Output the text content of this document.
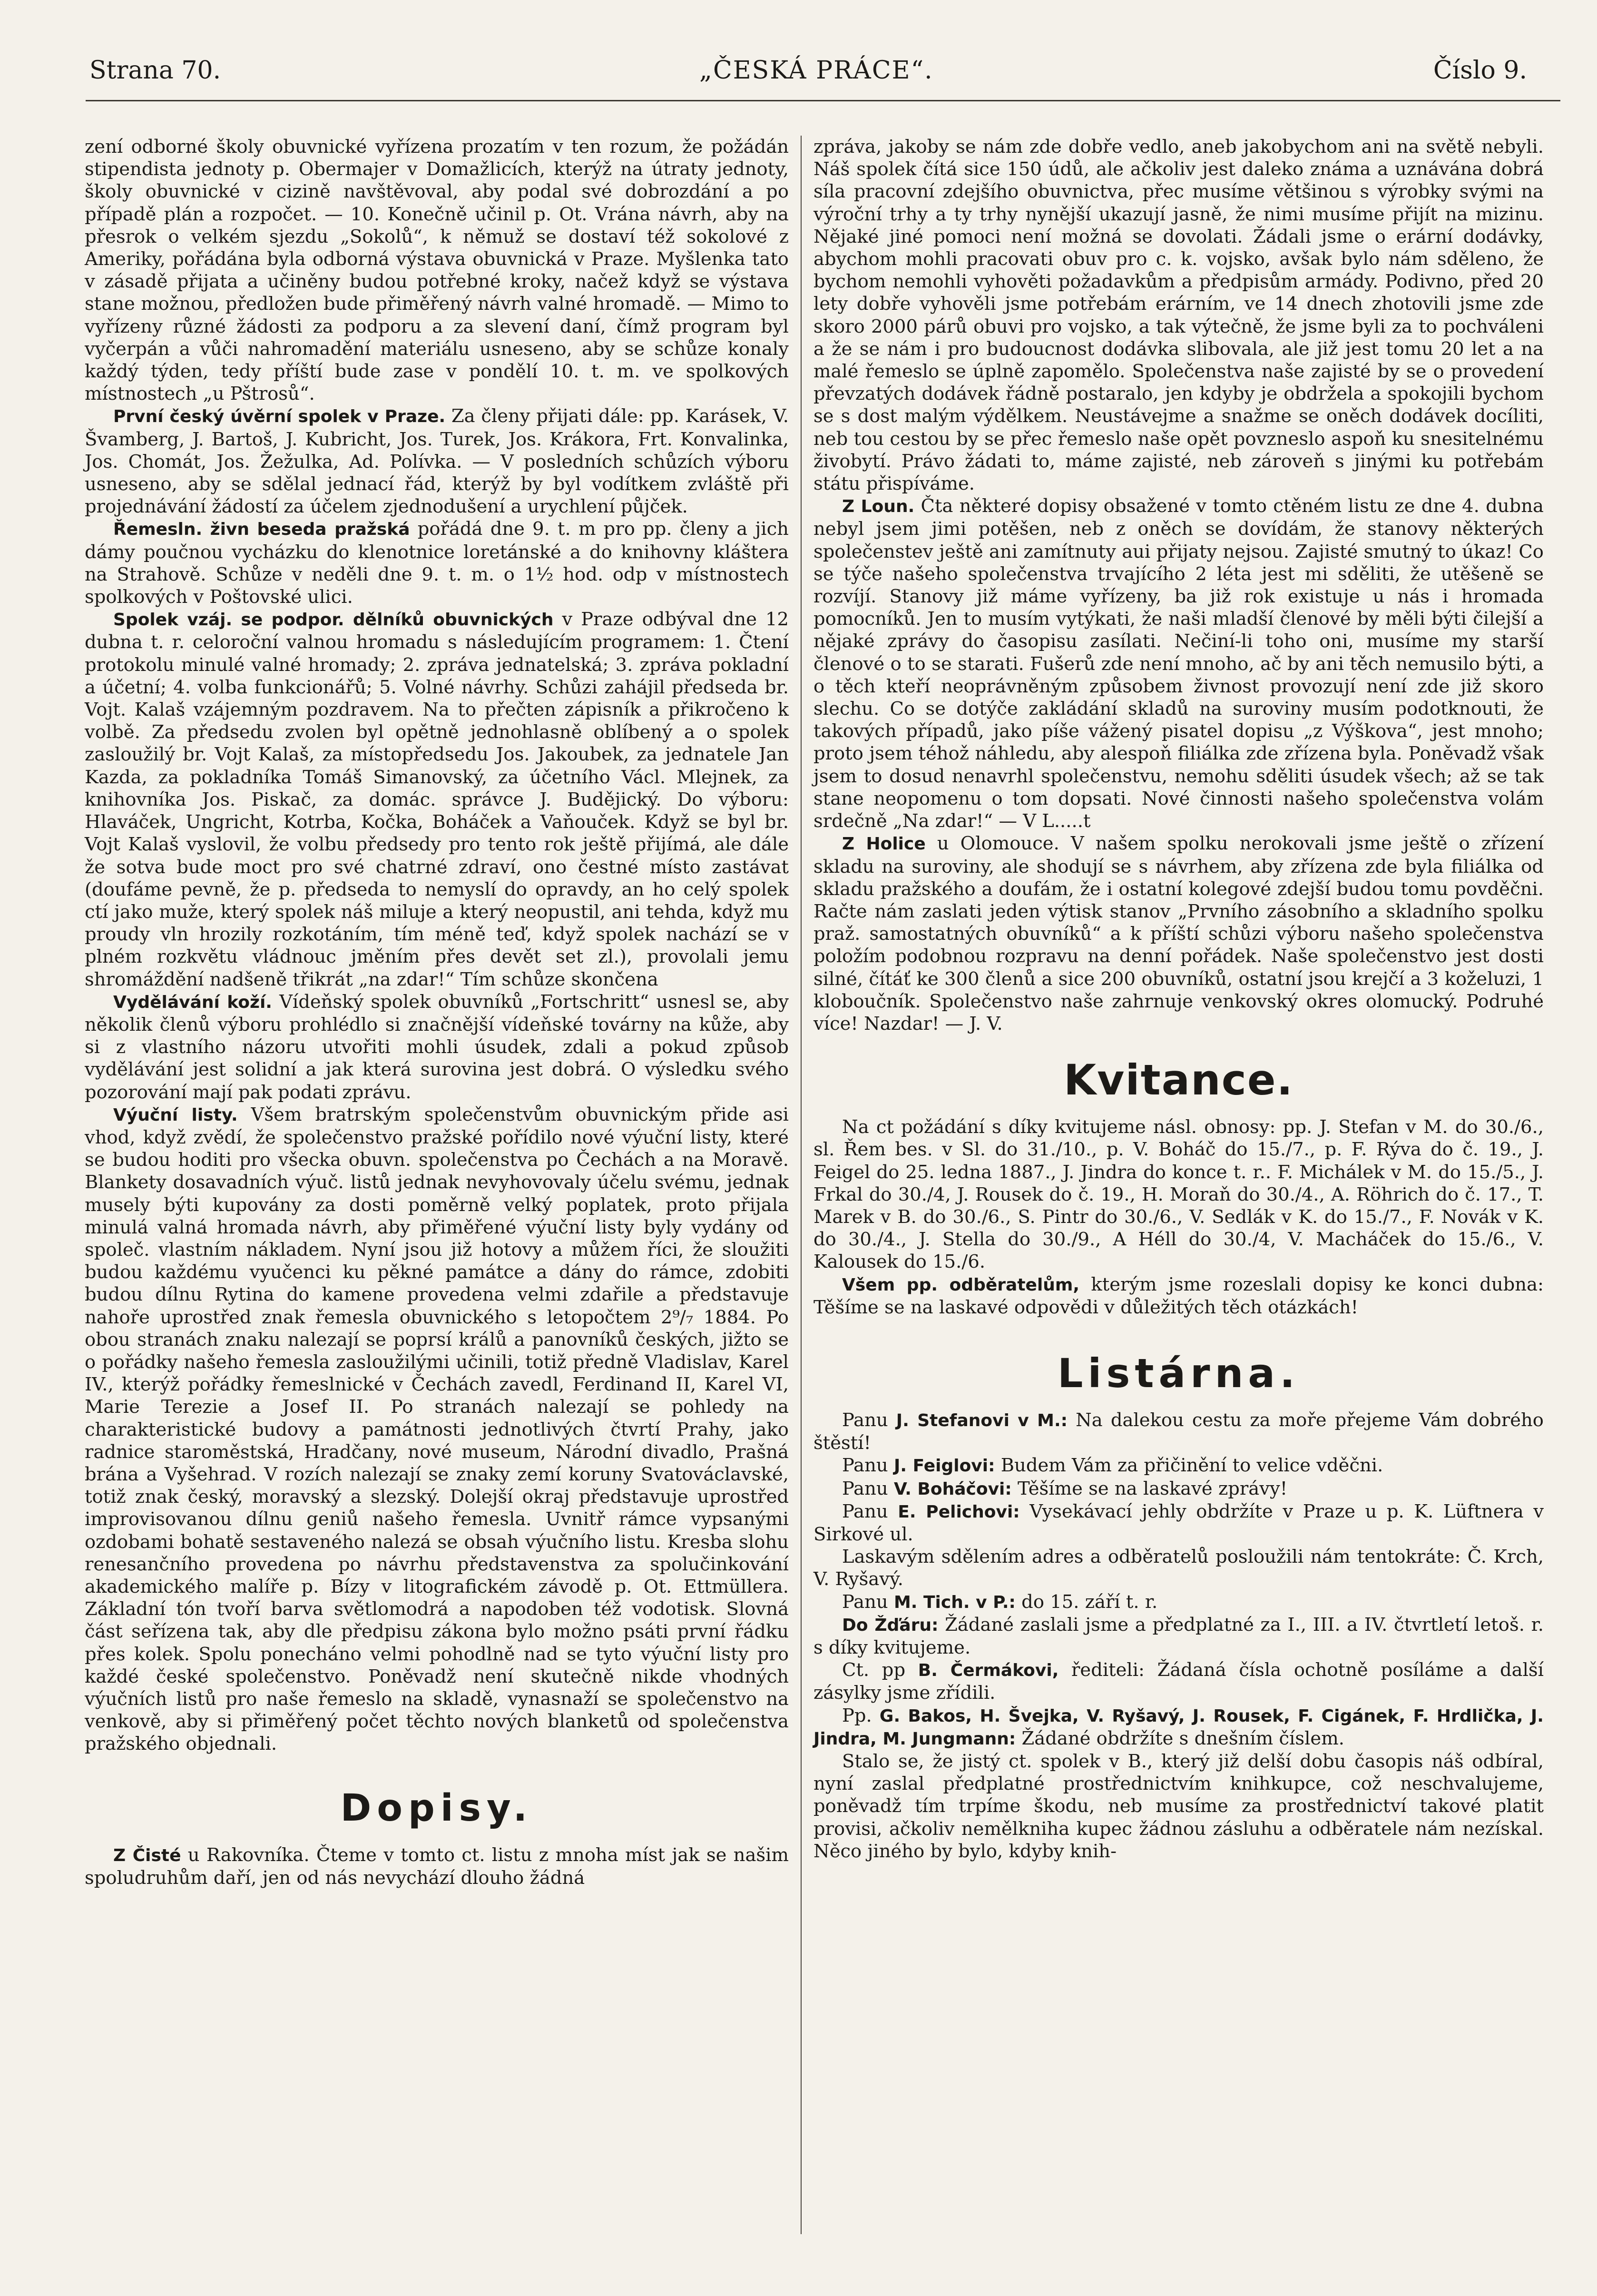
Strana 70.	„ČESKÁ PRÁCE“.	Číslo 9.

zení odborné školy obuvnické vyřízena prozatím v ten rozum, že požádán stipendista jednoty p. Obermajer v Domažlicích, kterýž na útraty jednoty, školy obuvnické v cizině navštěvoval, aby podal své dobrozdání a po případě plán a rozpočet. — 10. Konečně učinil p. Ot. Vrána návrh, aby na přesrok o velkém sjezdu „Sokolů“, k němuž se dostaví též sokolové z Ameriky, pořádána byla odborná výstava obuvnická v Praze. Myšlenka tato v zásadě přijata a učiněny budou potřebné kroky, načež když se výstava stane možnou, předložen bude přiměřený návrh valné hromadě. — Mimo to vyřízeny různé žádosti za podporu a za slevení daní, čímž program byl vyčerpán a vůči nahromadění materiálu usneseno, aby se schůze konaly každý týden, tedy příští bude zase v pondělí 10. t. m. ve spolkových místnostech „u Pštrosů“.

První český úvěrní spolek v Praze. Za členy přijati dále: pp. Karásek, V. Švamberg, J. Bartoš, J. Kubricht, Jos. Turek, Jos. Krákora, Frt. Konvalinka, Jos. Chomát, Jos. Žežulka, Ad. Polívka. — V posledních schůzích výboru usneseno, aby se sdělal jednací řád, kterýž by byl vodítkem zvláště při projednávání žádostí za účelem zjednodušení a urychlení půjček.

Řemesln. živn beseda pražská pořádá dne 9. t. m pro pp. členy a jich dámy poučnou vycházku do klenotnice loretánské a do knihovny kláštera na Strahově. Schůze v neděli dne 9. t. m. o 1½ hod. odp v místnostech spolkových v Poštovské ulici.

Spolek vzáj. se podpor. dělníků obuvnických v Praze odbýval dne 12 dubna t. r. celoroční valnou hromadu s následujícím programem: 1. Čtení protokolu minulé valné hromady; 2. zpráva jednatelská; 3. zpráva pokladní a účetní; 4. volba funkcionářů; 5. Volné návrhy. Schůzi zahájil předseda br. Vojt. Kalaš vzájemným pozdravem. Na to přečten zápisník a přikročeno k volbě. Za předsedu zvolen byl opětně jednohlasně oblíbený a o spolek zasloužilý br. Vojt Kalaš, za místopředsedu Jos. Jakoubek, za jednatele Jan Kazda, za pokladníka Tomáš Simanovský, za účetního Václ. Mlejnek, za knihovníka Jos. Piskač, za domác. správce J. Budějický. Do výboru: Hlaváček, Ungricht, Kotrba, Kočka, Boháček a Vaňouček. Když se byl br. Vojt Kalaš vyslovil, že volbu předsedy pro tento rok ještě přijímá, ale dále že sotva bude moct pro své chatrné zdraví, ono čestné místo zastávat (doufáme pevně, že p. předseda to nemyslí do opravdy, an ho celý spolek ctí jako muže, který spolek náš miluje a který neopustil, ani tehda, když mu proudy vln hrozily rozkotáním, tím méně teď, když spolek nachází se v plném rozkvětu vládnouc jměním přes devět set zl.), provolali jemu shromáždění nadšeně třikrát „na zdar!“ Tím schůze skončena

Vydělávání koží. Vídeňský spolek obuvníků „Fortschritt“ usnesl se, aby několik členů výboru prohlédlo si značnější vídeňské továrny na kůže, aby si z vlastního názoru utvořiti mohli úsudek, zdali a pokud způsob vydělávání jest solidní a jak která surovina jest dobrá. O výsledku svého pozorování mají pak podati zprávu.

Výuční listy. Všem bratrským společenstvům obuvnickým přide asi vhod, když zvědí, že společenstvo pražské pořídilo nové výuční listy, které se budou hoditi pro všecka obuvn. společenstva po Čechách a na Moravě. Blankety dosavadních výuč. listů jednak nevyhovovaly účelu svému, jednak musely býti kupovány za dosti poměrně velký poplatek, proto přijala minulá valná hromada návrh, aby přiměřené výuční listy byly vydány od společ. vlastním nákladem. Nyní jsou již hotovy a můžem říci, že sloužiti budou každému vyučenci ku pěkné památce a dány do rámce, zdobiti budou dílnu Rytina do kamene provedena velmi zdařile a představuje nahoře uprostřed znak řemesla obuvnického s letopočtem 2⁹/₇ 1884. Po obou stranách znaku nalezají se poprsí králů a panovníků českých, jižto se o pořádky našeho řemesla zasloužilými učinili, totiž předně Vladislav, Karel IV., kterýž pořádky řemeslnické v Čechách zavedl, Ferdinand II, Karel VI, Marie Terezie a Josef II. Po stranách nalezají se pohledy na charakteristické budovy a památnosti jednotlivých čtvrtí Prahy, jako radnice staroměstská, Hradčany, nové museum, Národní divadlo, Prašná brána a Vyšehrad. V rozích nalezají se znaky zemí koruny Svatováclavské, totiž znak český, moravský a slezský. Dolejší okraj představuje uprostřed improvisovanou dílnu geniů našeho řemesla. Uvnitř rámce vypsanými ozdobami bohatě sestaveného nalezá se obsah výučního listu. Kresba slohu renesančního provedena po návrhu představenstva za spolučinkování akademického malíře p. Bízy v litografickém závodě p. Ot. Ettmüllera. Základní tón tvoří barva světlomodrá a napodoben též vodotisk. Slovná část seřízena tak, aby dle předpisu zákona bylo možno psáti první řádku přes kolek. Spolu ponecháno velmi pohodlně nad se tyto výuční listy pro každé české společenstvo. Poněvadž není skutečně nikde vhodných výučních listů pro naše řemeslo na skladě, vynasnaží se společenstvo na venkově, aby si přiměřený počet těchto nových blanketů od společenstva pražského objednali.

Dopisy.

Z Čisté u Rakovníka. Čteme v tomto ct. listu z mnoha míst jak se našim spoludruhům daří, jen od nás nevychází dlouho žádná

zpráva, jakoby se nám zde dobře vedlo, aneb jakobychom ani na světě nebyli. Náš spolek čítá sice 150 údů, ale ačkoliv jest daleko známa a uznávána dobrá síla pracovní zdejšího obuvnictva, přec musíme většinou s výrobky svými na výroční trhy a ty trhy nynější ukazují jasně, že nimi musíme přijít na mizinu. Nějaké jiné pomoci není možná se dovolati. Žádali jsme o erární dodávky, abychom mohli pracovati obuv pro c. k. vojsko, avšak bylo nám sděleno, že bychom nemohli vyhověti požadavkům a předpisům armády. Podivno, před 20 lety dobře vyhověli jsme potřebám erárním, ve 14 dnech zhotovili jsme zde skoro 2000 párů obuvi pro vojsko, a tak výtečně, že jsme byli za to pochváleni a že se nám i pro budoucnost dodávka slibovala, ale již jest tomu 20 let a na malé řemeslo se úplně zapomělo. Společenstva naše zajisté by se o provedení převzatých dodávek řádně postaralo, jen kdyby je obdržela a spokojili bychom se s dost malým výdělkem. Neustávejme a snažme se oněch dodávek docíliti, neb tou cestou by se přec řemeslo naše opět povzneslo aspoň ku snesitelnému živobytí. Právo žádati to, máme zajisté, neb zároveň s jinými ku potřebám státu přispíváme.

Z Loun. Čta některé dopisy obsažené v tomto ctěném listu ze dne 4. dubna nebyl jsem jimi potěšen, neb z oněch se dovídám, že stanovy některých společenstev ještě ani zamítnuty aui přijaty nejsou. Zajisté smutný to úkaz! Co se týče našeho společenstva trvajícího 2 léta jest mi sděliti, že utěšeně se rozvíjí. Stanovy již máme vyřízeny, ba již rok existuje u nás i hromada pomocníků. Jen to musím vytýkati, že naši mladší členové by měli býti čilejší a nějaké zprávy do časopisu zasílati. Nečiní-li toho oni, musíme my starší členové o to se starati. Fušerů zde není mnoho, ač by ani těch nemusilo býti, a o těch kteří neoprávněným způsobem živnost provozují není zde již skoro slechu. Co se dotýče zakládání skladů na suroviny musím podotknouti, že takových případů, jako píše vážený pisatel dopisu „z Výškova“, jest mnoho; proto jsem téhož náhledu, aby alespoň filiálka zde zřízena byla. Poněvadž však jsem to dosud nenavrhl společenstvu, nemohu sděliti úsudek všech; až se tak stane neopomenu o tom dopsati. Nové činnosti našeho společenstva volám srdečně „Na zdar!“ — V L.....t

Z Holice u Olomouce. V našem spolku nerokovali jsme ještě o zřízení skladu na suroviny, ale shodují se s návrhem, aby zřízena zde byla filiálka od skladu pražského a doufám, že i ostatní kolegové zdejší budou tomu povděčni. Račte nám zaslati jeden výtisk stanov „Prvního zásobního a skladního spolku praž. samostatných obuvníků“ a k příští schůzi výboru našeho společenstva položím podobnou rozpravu na denní pořádek. Naše společenstvo jest dosti silné, čítáť ke 300 členů a sice 200 obuvníků, ostatní jsou krejčí a 3 koželuzi, 1 kloboučník. Společenstvo naše zahrnuje venkovský okres olomucký. Podruhé více! Nazdar! — J. V.

Kvitance.

Na ct požádání s díky kvitujeme násl. obnosy: pp. J. Stefan v M. do 30./6., sl. Řem bes. v Sl. do 31./10., p. V. Boháč do 15./7., p. F. Rýva do č. 19., J. Feigel do 25. ledna 1887., J. Jindra do konce t. r.. F. Michálek v M. do 15./5., J. Frkal do 30./4, J. Rousek do č. 19., H. Moraň do 30./4., A. Röhrich do č. 17., T. Marek v B. do 30./6., S. Pintr do 30./6., V. Sedlák v K. do 15./7., F. Novák v K. do 30./4., J. Stella do 30./9., A Héll do 30./4, V. Macháček do 15./6., V. Kalousek do 15./6.

Všem pp. odběratelům, kterým jsme rozeslali dopisy ke konci dubna: Těšíme se na laskavé odpovědi v důležitých těch otázkách!

Listárna.

Panu J. Stefanovi v M.: Na dalekou cestu za moře přejeme Vám dobrého štěstí!

Panu J. Feiglovi: Budem Vám za přičinění to velice vděčni.

Panu V. Boháčovi: Těšíme se na laskavé zprávy!

Panu E. Pelichovi: Vysekávací jehly obdržíte v Praze u p. K. Lüftnera v Sirkové ul.

Laskavým sdělením adres a odběratelů posloužili nám tentokráte: Č. Krch, V. Ryšavý.

Panu M. Tich. v P.: do 15. září t. r.

Do Žďáru: Žádané zaslali jsme a předplatné za I., III. a IV. čtvrtletí letoš. r. s díky kvitujeme.

Ct. pp B. Čermákovi, řediteli: Žádaná čísla ochotně posíláme a další zásylky jsme zřídili.

Pp. G. Bakos, H. Švejka, V. Ryšavý, J. Rousek, F. Cigánek, F. Hrdlička, J. Jindra, M. Jungmann: Žádané obdržíte s dnešním číslem.

Stalo se, že jistý ct. spolek v B., který již delší dobu časopis náš odbíral, nyní zaslal předplatné prostřednictvím knihkupce, což neschvalujeme, poněvadž tím trpíme škodu, neb musíme za prostřednictví takové platit provisi, ačkoliv nemělkniha kupec žádnou zásluhu a odběratele nám nezískal. Něco jiného by bylo, kdyby knih-
